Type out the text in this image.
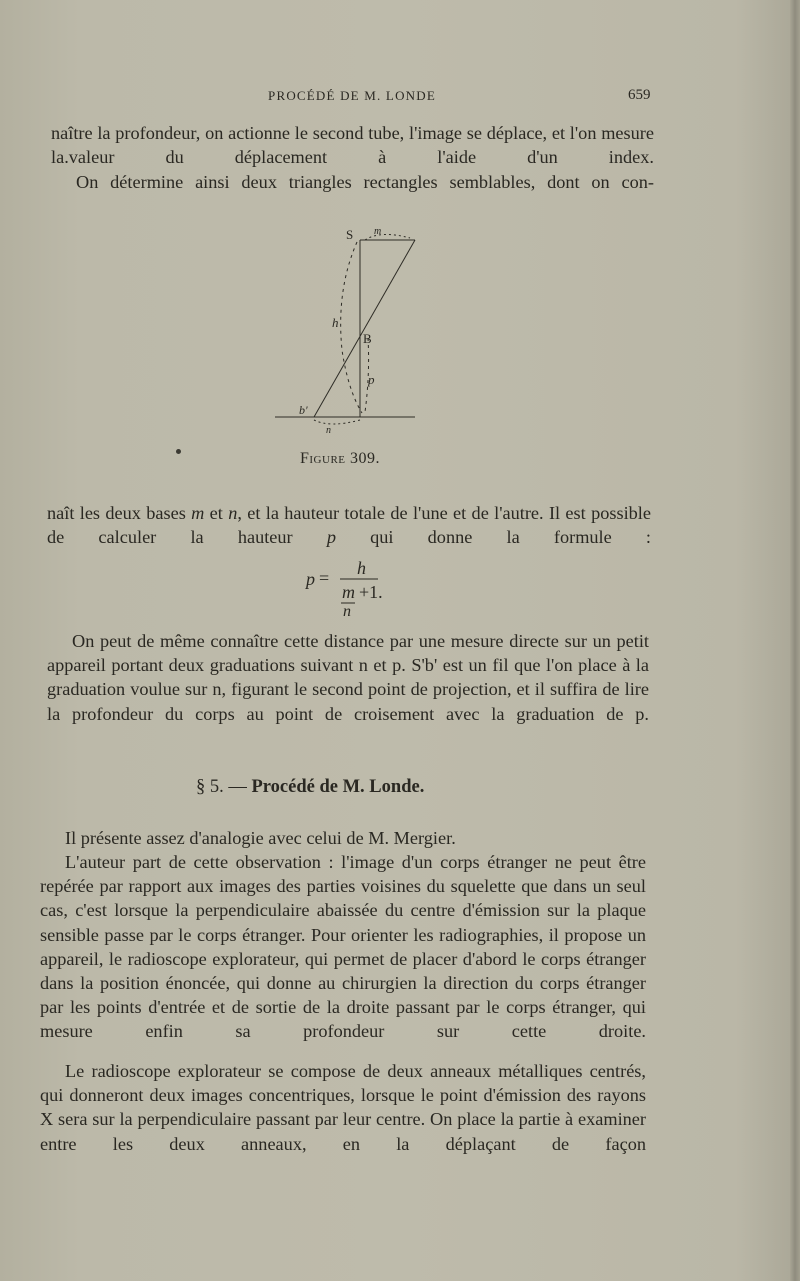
PROCÉDÉ DE M. LONDE	659
naître la profondeur, on actionne le second tube, l'image se déplace, et l'on mesure la.valeur du déplacement à l'aide d'un index.
On détermine ainsi deux triangles rectangles semblables, dont on con-
S m
h
B
p
b'
n
Figure 309.
naît les deux bases m et n, et la hauteur totale de l'une et de l'autre. Il est possible de calculer la hauteur p qui donne la formule :
p = h
m +1.
n
On peut de même connaître cette distance par une mesure directe sur un petit appareil portant deux graduations suivant n et p. S'b' est un fil que l'on place à la graduation voulue sur n, figurant le second point de projection, et il suffira de lire la profondeur du corps au point de croisement avec la graduation de p.
§ 5. — Procédé de M. Londe.
Il présente assez d'analogie avec celui de M. Mergier.
L'auteur part de cette observation : l'image d'un corps étranger ne peut être repérée par rapport aux images des parties voisines du squelette que dans un seul cas, c'est lorsque la perpendiculaire abaissée du centre d'émission sur la plaque sensible passe par le corps étranger. Pour orienter les radiographies, il propose un appareil, le radioscope explorateur, qui permet de placer d'abord le corps étranger dans la position énoncée, qui donne au chirurgien la direction du corps étranger par les points d'entrée et de sortie de la droite passant par le corps étranger, qui mesure enfin sa profondeur sur cette droite.
Le radioscope explorateur se compose de deux anneaux métalliques centrés, qui donneront deux images concentriques, lorsque le point d'émission des rayons X sera sur la perpendiculaire passant par leur centre. On place la partie à examiner entre les deux anneaux, en la déplaçant de façon
